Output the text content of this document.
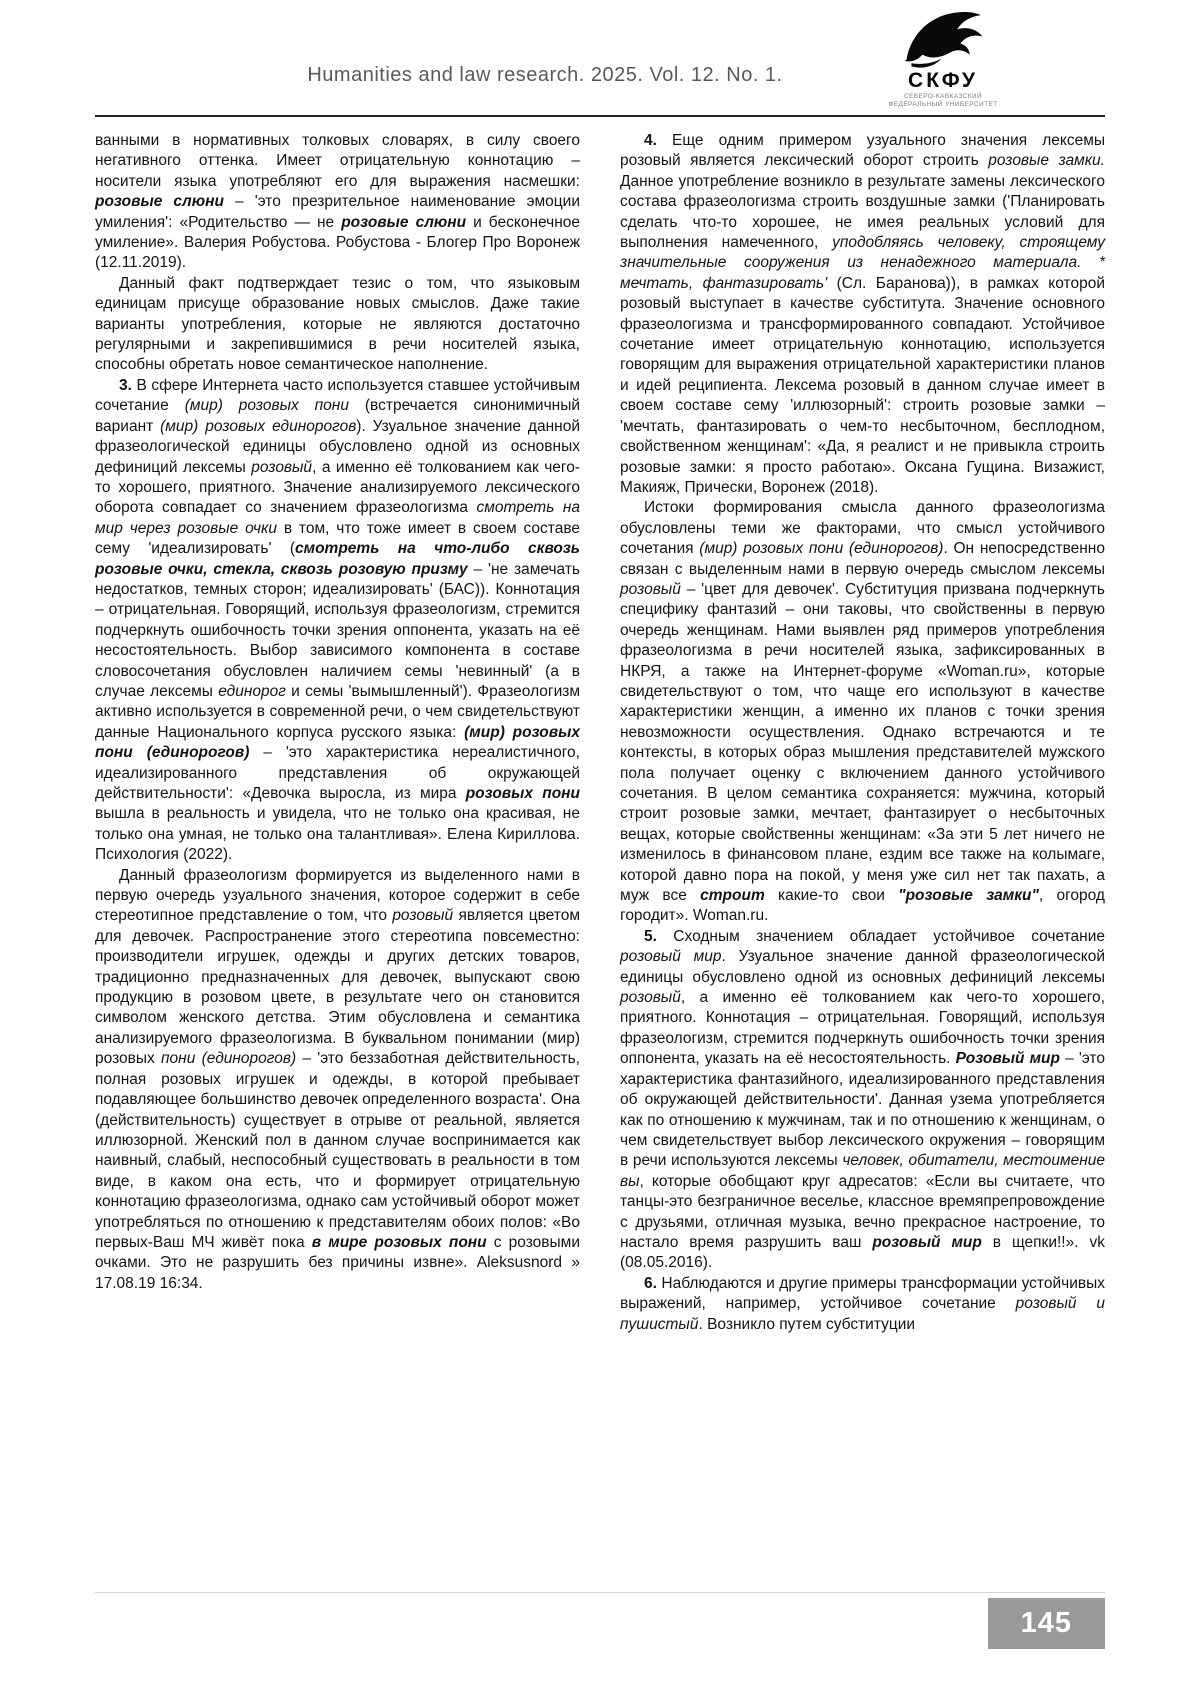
Humanities and law research. 2025. Vol. 12. No. 1.	СКФУ
СЕВЕРО-КАВКАЗСКИЙ
ФЕДЕРАЛЬНЫЙ УНИВЕРСИТЕТ

ванными в нормативных толковых словарях, в силу своего негативного оттенка. Имеет отрицательную коннотацию – носители языка употребляют его для выражения насмешки: розовые слюни – 'это презрительное наименование эмоции умиления': «Родительство — не розовые слюни и бесконечное умиление». Валерия Робустова. Робустова - Блогер Про Воронеж (12.11.2019).

Данный факт подтверждает тезис о том, что языковым единицам присуще образование новых смыслов. Даже такие варианты употребления, которые не являются достаточно регулярными и закрепившимися в речи носителей языка, способны обретать новое семантическое наполнение.

3. В сфере Интернета часто используется ставшее устойчивым сочетание (мир) розовых пони (встречается синонимичный вариант (мир) розовых единорогов). Узуальное значение данной фразеологической единицы обусловлено одной из основных дефиниций лексемы розовый, а именно её толкованием как чего-то хорошего, приятного. Значение анализируемого лексического оборота совпадает со значением фразеологизма смотреть на мир через розовые очки в том, что тоже имеет в своем составе сему 'идеализировать' (смотреть на что-либо сквозь розовые очки, стекла, сквозь розовую призму – 'не замечать недостатков, темных сторон; идеализировать' (БАС)). Коннотация – отрицательная. Говорящий, используя фразеологизм, стремится подчеркнуть ошибочность точки зрения оппонента, указать на её несостоятельность. Выбор зависимого компонента в составе словосочетания обусловлен наличием семы 'невинный' (а в случае лексемы единорог и семы 'вымышленный'). Фразеологизм активно используется в современной речи, о чем свидетельствуют данные Национального корпуса русского языка: (мир) розовых пони (единорогов) – 'это характеристика нереалистичного, идеализированного представления об окружающей действительности': «Девочка выросла, из мира розовых пони вышла в реальность и увидела, что не только она красивая, не только она умная, не только она талантливая». Елена Кириллова. Психология (2022).

Данный фразеологизм формируется из выделенного нами в первую очередь узуального значения, которое содержит в себе стереотипное представление о том, что розовый является цветом для девочек. Распространение этого стереотипа повсеместно: производители игрушек, одежды и других детских товаров, традиционно предназначенных для девочек, выпускают свою продукцию в розовом цвете, в результате чего он становится символом женского детства. Этим обусловлена и семантика анализируемого фразеологизма. В буквальном понимании (мир) розовых пони (единорогов) – 'это беззаботная действительность, полная розовых игрушек и одежды, в которой пребывает подавляющее большинство девочек определенного возраста'. Она (действительность) существует в отрыве от реальной, является иллюзорной. Женский пол в данном случае воспринимается как наивный, слабый, неспособный существовать в реальности в том виде, в каком она есть, что и формирует отрицательную коннотацию фразеологизма, однако сам устойчивый оборот может употребляться по отношению к представителям обоих полов: «Во первых-Ваш МЧ живёт пока в мире розовых пони с розовыми очками. Это не разрушить без причины извне». Aleksusnord » 17.08.19 16:34.

4. Еще одним примером узуального значения лексемы розовый является лексический оборот строить розовые замки. Данное употребление возникло в результате замены лексического состава фразеологизма строить воздушные замки ('Планировать сделать что-то хорошее, не имея реальных условий для выполнения намеченного, уподобляясь человеку, строящему значительные сооружения из ненадежного материала. * мечтать, фантазировать' (Сл. Баранова)), в рамках которой розовый выступает в качестве субститута. Значение основного фразеологизма и трансформированного совпадают. Устойчивое сочетание имеет отрицательную коннотацию, используется говорящим для выражения отрицательной характеристики планов и идей реципиента. Лексема розовый в данном случае имеет в своем составе сему 'иллюзорный': строить розовые замки – 'мечтать, фантазировать о чем-то несбыточном, бесплодном, свойственном женщинам': «Да, я реалист и не привыкла строить розовые замки: я просто работаю». Оксана Гущина. Визажист, Макияж, Прически, Воронеж (2018).

Истоки формирования смысла данного фразеологизма обусловлены теми же факторами, что смысл устойчивого сочетания (мир) розовых пони (единорогов). Он непосредственно связан с выделенным нами в первую очередь смыслом лексемы розовый – 'цвет для девочек'. Субституция призвана подчеркнуть специфику фантазий – они таковы, что свойственны в первую очередь женщинам. Нами выявлен ряд примеров употребления фразеологизма в речи носителей языка, зафиксированных в НКРЯ, а также на Интернет-форуме «Woman.ru», которые свидетельствуют о том, что чаще его используют в качестве характеристики женщин, а именно их планов с точки зрения невозможности осуществления. Однако встречаются и те контексты, в которых образ мышления представителей мужского пола получает оценку с включением данного устойчивого сочетания. В целом семантика сохраняется: мужчина, который строит розовые замки, мечтает, фантазирует о несбыточных вещах, которые свойственны женщинам: «За эти 5 лет ничего не изменилось в финансовом плане, ездим все также на колымаге, которой давно пора на покой, у меня уже сил нет так пахать, а муж все строит какие-то свои "розовые замки", огород городит». Woman.ru.

5. Сходным значением обладает устойчивое сочетание розовый мир. Узуальное значение данной фразеологической единицы обусловлено одной из основных дефиниций лексемы розовый, а именно её толкованием как чего-то хорошего, приятного. Коннотация – отрицательная. Говорящий, используя фразеологизм, стремится подчеркнуть ошибочность точки зрения оппонента, указать на её несостоятельность. Розовый мир – 'это характеристика фантазийного, идеализированного представления об окружающей действительности'. Данная узема употребляется как по отношению к мужчинам, так и по отношению к женщинам, о чем свидетельствует выбор лексического окружения – говорящим в речи используются лексемы человек, обитатели, местоимение вы, которые обобщают круг адресатов: «Если вы считаете, что танцы-это безграничное веселье, классное времяпрепровождение с друзьями, отличная музыка, вечно прекрасное настроение, то настало время разрушить ваш розовый мир в щепки!!». vk (08.05.2016).

6. Наблюдаются и другие примеры трансформации устойчивых выражений, например, устойчивое сочетание розовый и пушистый. Возникло путем субституции

145
